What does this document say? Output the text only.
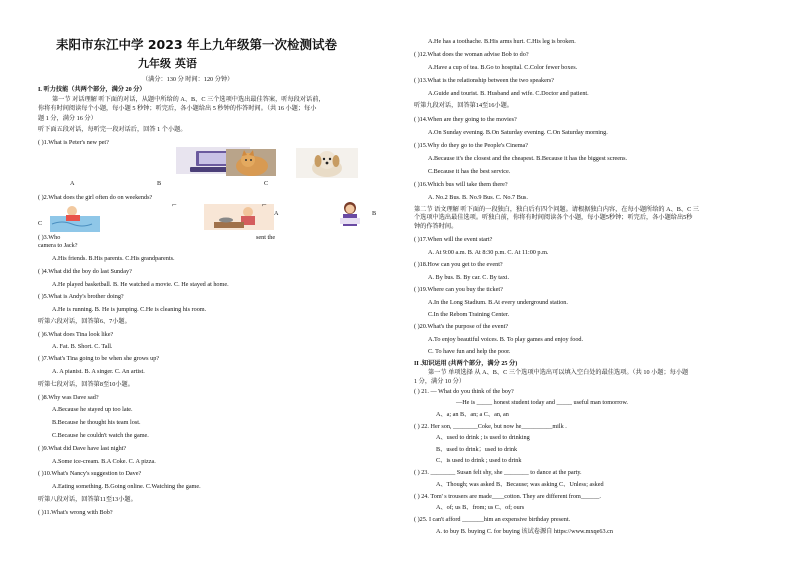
耒阳市东江中学 2023 年上九年级第一次检测试卷
九年级 英语
（满分：130 分 时间：120 分钟）
I. 听力技能（共两个部分，满分 20 分）
第一节 对话理解 听下面的对话，从题中所给的 A、B、C 三个选项中选出最佳答案，听每段对话前，
你将有时间阅读每个小题，每小题 5 秒钟；听完后，各小题给出 5 秒钟的作答时间。（共 16 小题；每小
题 1 分，满分 16 分）
听下面五段对话，每听完一段对话后，回答 1 个小题。
( )1.What is Peter's new pet?
A	B	C
( )2.What does the girl often do on weekends?
⌐	⌐
A	B
C
( )3.Who	sent the
camera to Jack?
A.His friends. B.His parents. C.His grandparents.
( )4.What did the boy do last Sunday?
A.He played basketball. B. He watched a movie. C. He stayed at home.
( )5.What is Andy's brother doing?
A.He is running. B. He is jumping. C.He is cleaning his room.
听第六段对话，回答第6、7小题。
( )6.What does Tina look like?
A. Fat. B. Short. C. Tall.
( )7.What's Tina going to be when she grows up?
A. A pianist. B. A singer. C. An artist.
听第七段对话，回答第8至10小题。
( )8.Why was Dave sad?
A.Because he stayed up too late.
B.Because he thought his team lost.
C.Because he couldn't watch the game.
( )9.What did Dave have last night?
A.Some ice-cream. B.A Coke. C. A pizza.
( )10.What's Nancy's suggestion to Dave?
A.Eating something. B.Going online. C.Watching the game.
听第八段对话，回答第11至13小题。
( )11.What's wrong with Bob?
A.He has a toothache. B.His arms hurt. C.His leg is broken.
( )12.What does the woman advise Bob to do?
A.Have a cup of tea. B.Go to hospital. C.Color fewer boxes.
( )13.What is the relationship between the two speakers?
A.Guide and tourist. B. Husband and wife. C.Doctor and patient.
听第九段对话，回答第14至16小题。
( )14.When are they going to the movies?
A.On Sunday evening. B.On Saturday evening. C.On Saturday morning.
( )15.Why do they go to the People's Cinema?
A.Because it's the closest and the cheapest. B.Because it has the biggest screens.
C.Because it has the best service.
( )16.Which bus will take them there?
A. No.2 Bus. B. No.9 Bus. C. No.7 Bus.
第二节 语文理解 听下面的一段独白，独白后有四个问题。请根据独白内容，在每小题所给的 A、B、C 三
个选项中选出最佳选项。听独白前，你将有时间阅读各个小题，每小题5秒钟；听完后，各小题给出5秒
钟的作答时间。
( )17.When will the event start?
A. At 9:00 a.m. B. At 8:30 p.m. C. At 11:00 p.m.
( )18.How can you get to the event?
A. By bus. B. By car. C. By taxi.
( )19.Where can you buy the ticket?
A.In the Long Stadium. B.At every underground station.
C.In the Rebom Training Center.
( )20.What's the purpose of the event?
A.To enjoy beautiful voices. B. To play games and enjoy food.
C. To have fun and help the poor.
II .知识运用 (共两个部分，满分 25 分)
第一节 单项选择 从 A、B、C 三个选项中选出可以填入空白处的最佳选项。（共 10 小题；每小题
1 分，满分 10 分）
( ) 21. — What do you think of the boy?
—He is _____ honest student today and _____ useful man tomorrow.
A、a; an B、an; a C、an, an
( ) 22. Her son, ________Coke, but now he__________milk .
A、used to drink ; is used to drinking
B、used to drink；used to drink
C、is used to drink ; used to drink
( ) 23. ________ Susan felt shy, she ________ to dance at the party.
A、Though; was asked B、Because; was asking C、Unless; asked
( ) 24. Tom' s trousers are made____cotton. They are different from______.
A、of; us B、from; us C、of; ours
( )25. I can't afford _______him an expensive birthday present.
A. to buy B. buying C. for buying 该试卷源自 https://www.mxqe63.cn
